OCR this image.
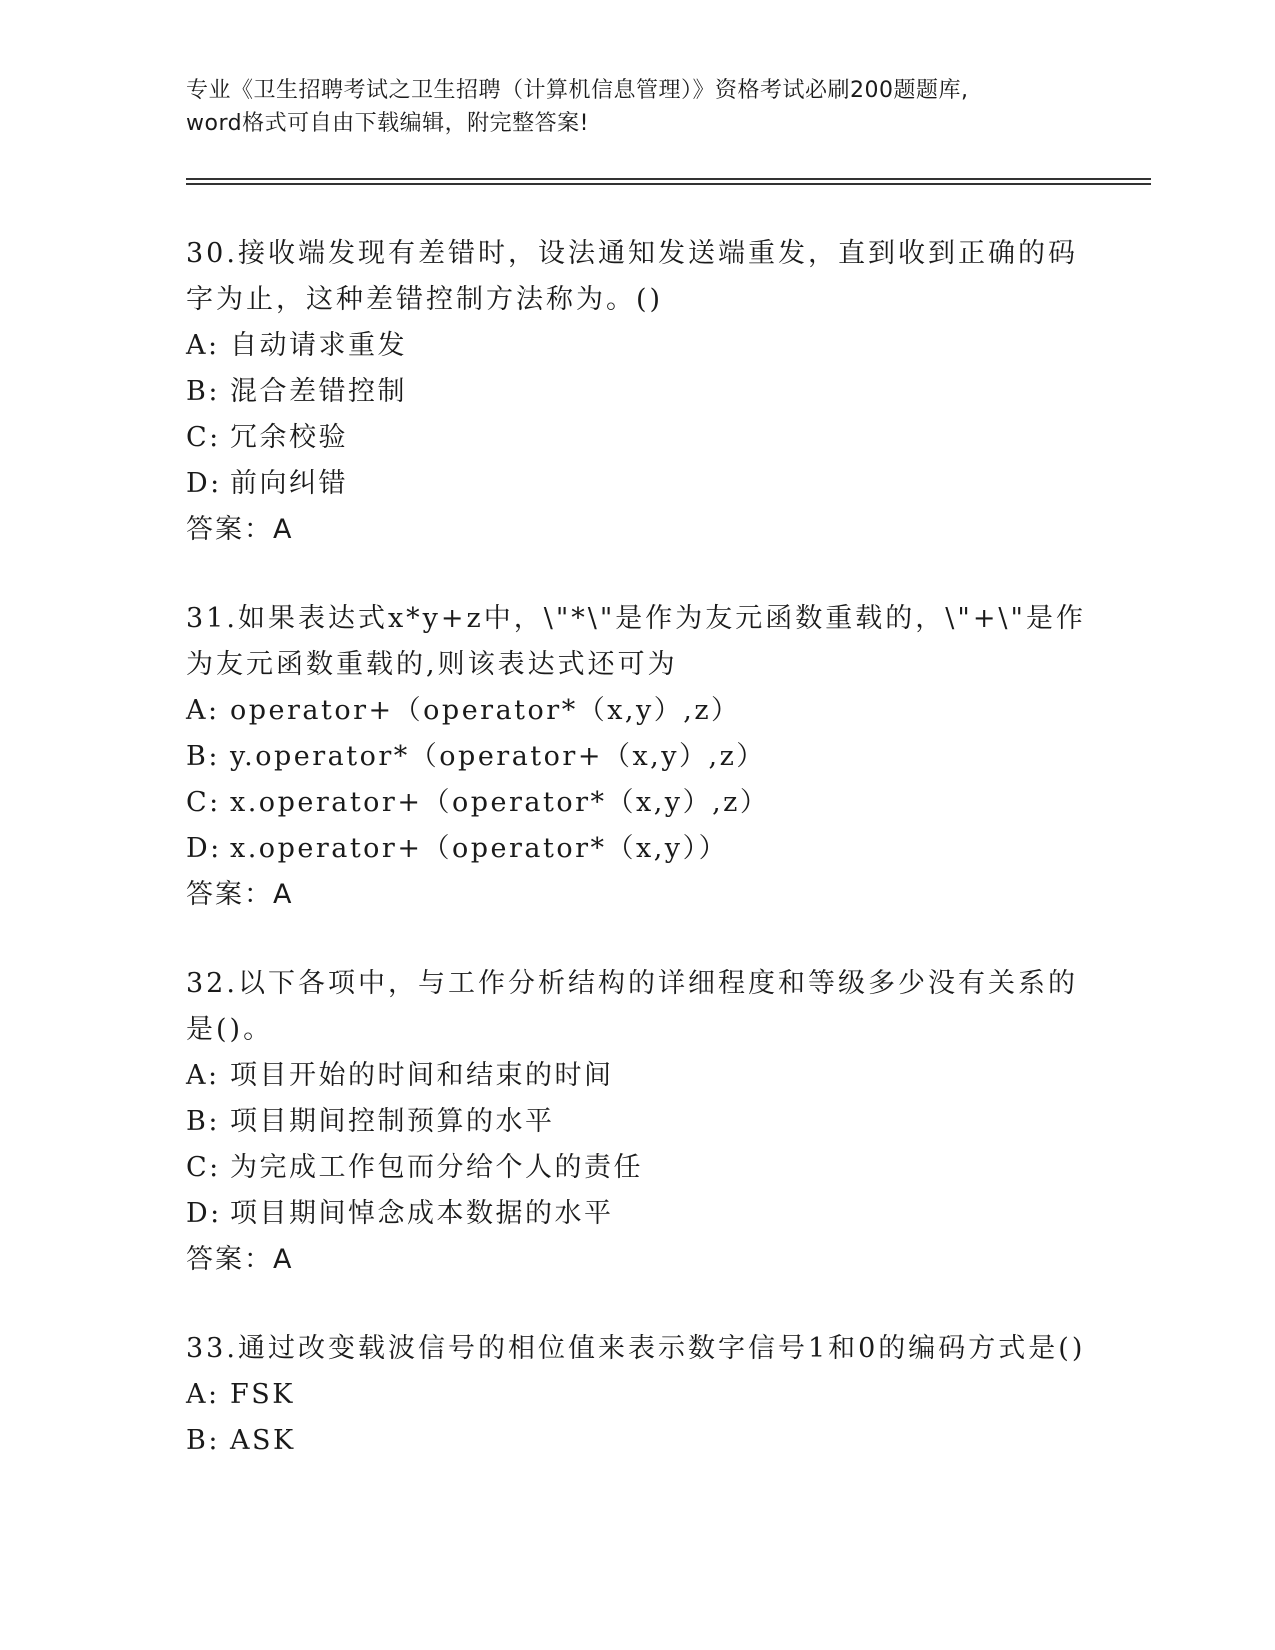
专业《卫生招聘考试之卫生招聘（计算机信息管理）》资格考试必刷200题题库,
word格式可自由下载编辑，附完整答案!

30.接收端发现有差错时，设法通知发送端重发，直到收到正确的码字为止，这种差错控制方法称为。()

A: 自动请求重发

B: 混合差错控制

C: 冗余校验

D: 前向纠错

答案：A

31.如果表达式x*y+z中，\"*\"是作为友元函数重载的，\"+\"是作为友元函数重载的,则该表达式还可为

A: operator+（operator*（x,y）,z）

B: y.operator*（operator+（x,y）,z）

C: x.operator+（operator*（x,y）,z）

D: x.operator+（operator*（x,y））

答案：A

32.以下各项中，与工作分析结构的详细程度和等级多少没有关系的是()。

A: 项目开始的时间和结束的时间

B: 项目期间控制预算的水平

C: 为完成工作包而分给个人的责任

D: 项目期间悼念成本数据的水平

答案：A

33.通过改变载波信号的相位值来表示数字信号1和0的编码方式是()

A: FSK

B: ASK
